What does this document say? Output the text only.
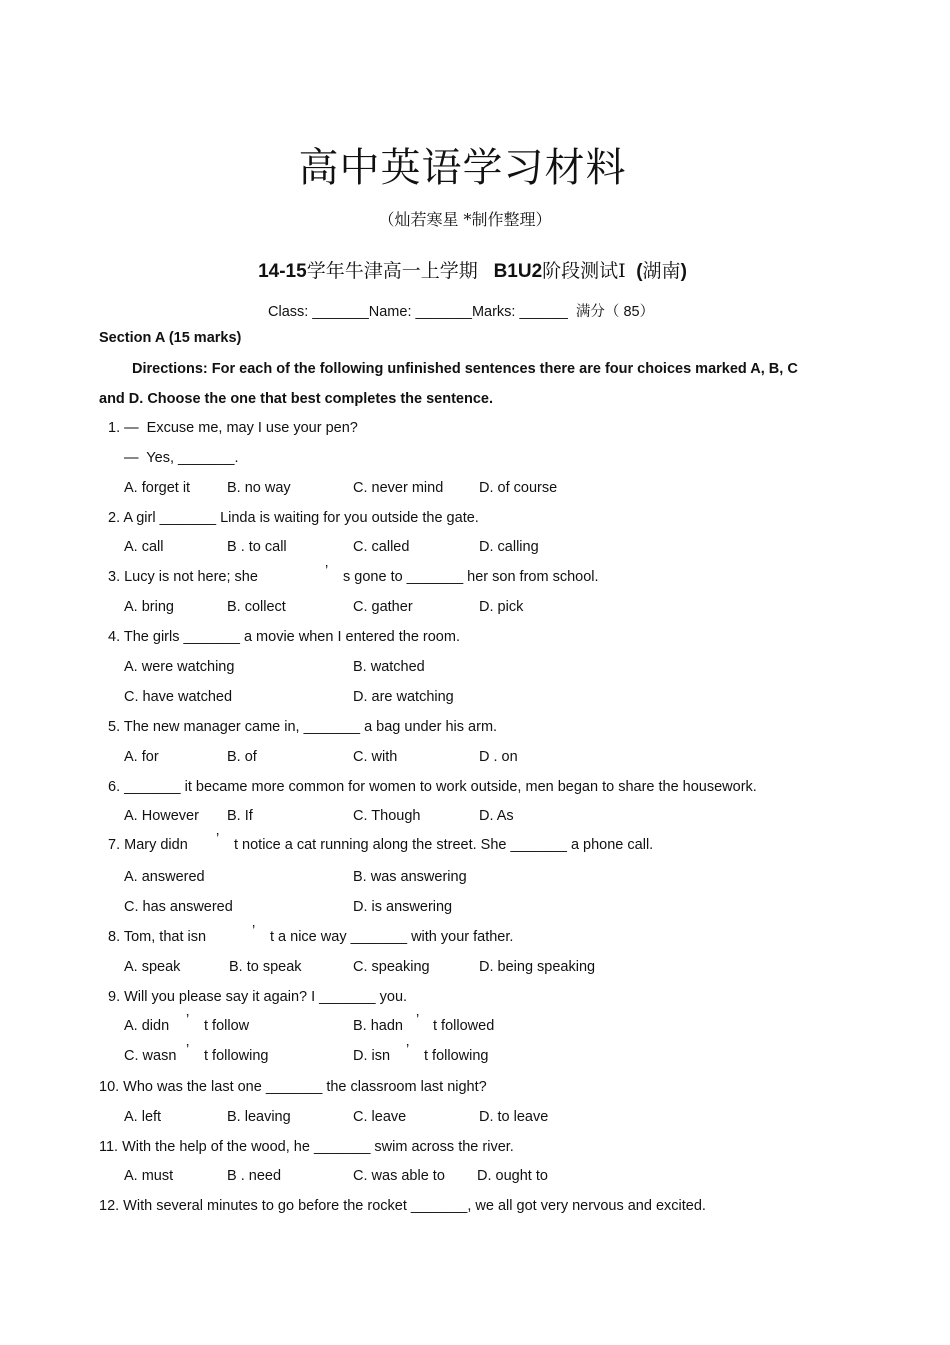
高中英语学习材料
（灿若寒星 *制作整理）
14-15学年牛津高一上学期 B1U2阶段测试Ⅰ (湖南)
Class: _______Name: _______Marks: ______  满分（ 85）
Section A (15 marks)
Directions: For each of the following unfinished sentences there are four choices marked A, B, C and D. Choose the one that best completes the sentence.
1. —  Excuse me, may I use your pen?
—  Yes, _______.
A. forget it	B. no way	C. never mind D. of course
2. A girl _______ Linda is waiting for you outside the gate.
A. call	B . to call	C. called	D. calling
3. Lucy is not here; she	’ s gone to _______ her son from school.
A. bring	B. collect	C. gather	D. pick
4. The girls _______ a movie when I entered the room.
A. were watching	B. watched
C. have watched	D. are watching
5. The new manager came in, _______ a bag under his arm.
A. for	B. of	C. with	D . on
6. _______ it became more common for women to work outside, men began to share the housework.
A. However B. If	C. Though	D. As
7. Mary didn ’ t notice a cat running along the street. She _______ a phone call.
A. answered	B. was answering
C. has answered	D. is answering
8. Tom, that isn	’ t a nice way _______ with your father.
A. speak	B. to speak	C. speaking	D. being speaking
9. Will you please say it again? I _______ you.
A. didn ’ t follow	B. hadn ’ t followed
C. wasn ’ t following	D. isn ’ t following
10. Who was the last one _______ the classroom last night?
A. left	B. leaving	C. leave	D. to leave
11. With the help of the wood, he _______ swim across the river.
A. must	B . need	C. was able to D. ought to
12. With several minutes to go before the rocket _______, we all got very nervous and excited.
